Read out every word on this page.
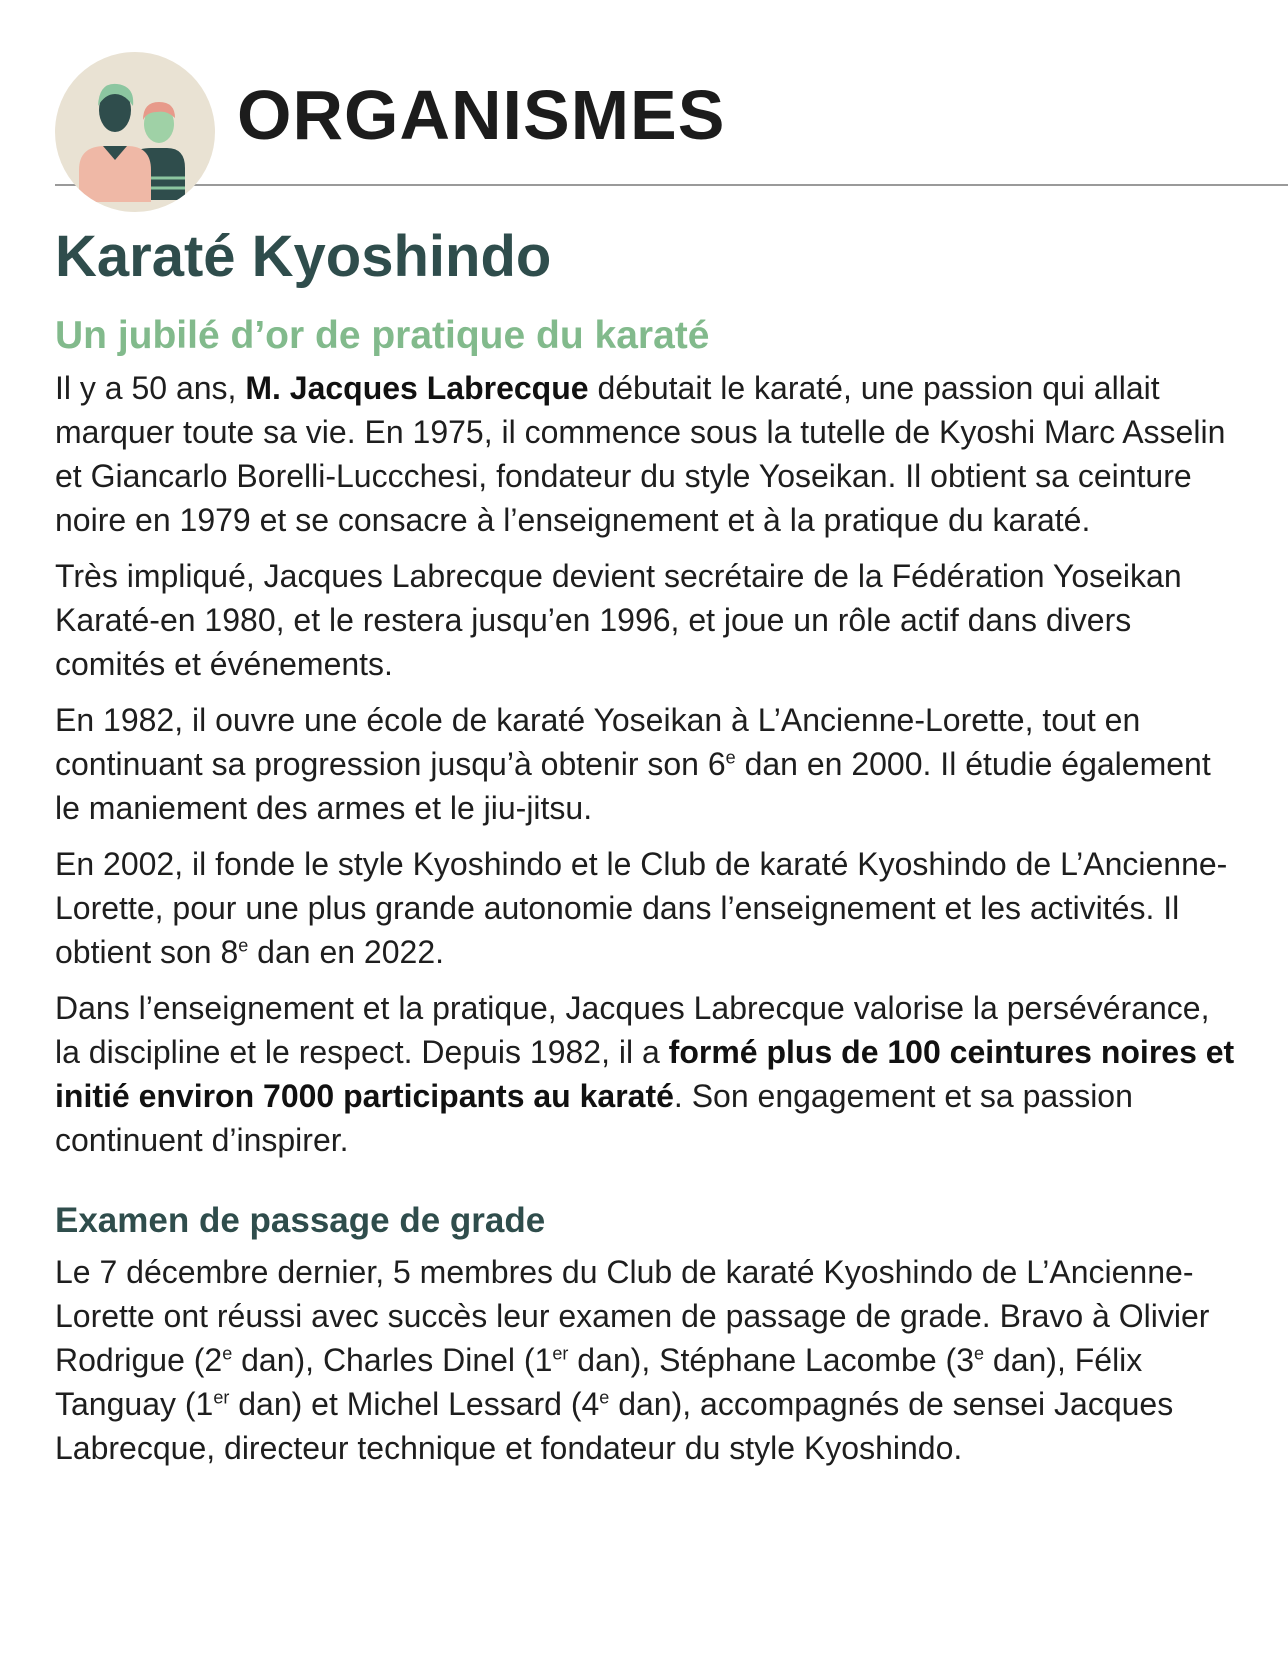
ORGANISMES
Karaté Kyoshindo
Un jubilé d’or de pratique du karaté

Il y a 50 ans, M. Jacques Labrecque débutait le karaté, une passion qui allait marquer toute sa vie. En 1975, il commence sous la tutelle de Kyoshi Marc Asselin et Giancarlo Borelli-Luccchesi, fondateur du style Yoseikan. Il obtient sa ceinture noire en 1979 et se consacre à l’enseignement et à la pratique du karaté.

Très impliqué, Jacques Labrecque devient secrétaire de la Fédération Yoseikan Karaté-en 1980, et le restera jusqu’en 1996, et joue un rôle actif dans divers comités et événements.

En 1982, il ouvre une école de karaté Yoseikan à L’Ancienne-Lorette, tout en continuant sa progression jusqu’à obtenir son 6e dan en 2000. Il étudie également le maniement des armes et le jiu-jitsu.

En 2002, il fonde le style Kyoshindo et le Club de karaté Kyoshindo de L’Ancienne-Lorette, pour une plus grande autonomie dans l’enseignement et les activités. Il obtient son 8e dan en 2022.

Dans l’enseignement et la pratique, Jacques Labrecque valorise la persévérance, la discipline et le respect. Depuis 1982, il a formé plus de 100 ceintures noires et initié environ 7000 participants au karaté. Son engagement et sa passion continuent d’inspirer.

Examen de passage de grade

Le 7 décembre dernier, 5 membres du Club de karaté Kyoshindo de L’Ancienne-Lorette ont réussi avec succès leur examen de passage de grade. Bravo à Olivier Rodrigue (2e dan), Charles Dinel (1er dan), Stéphane Lacombe (3e dan), Félix Tanguay (1er dan) et Michel Lessard (4e dan), accompagnés de sensei Jacques Labrecque, directeur technique et fondateur du style Kyoshindo.
